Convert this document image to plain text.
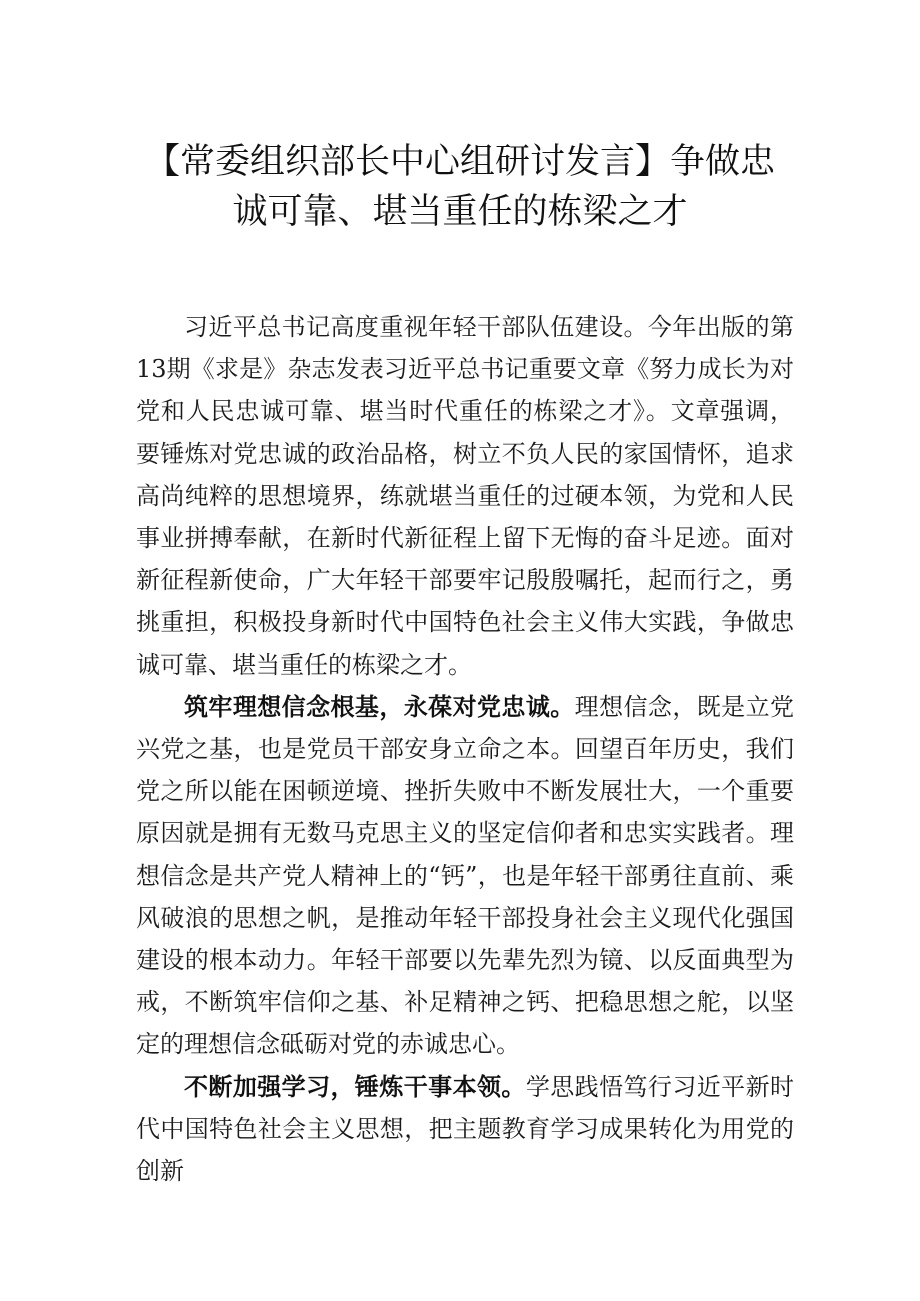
【常委组织部长中心组研讨发言】争做忠
诚可靠、堪当重任的栋梁之才

习近平总书记高度重视年轻干部队伍建设。今年出版的第13期《求是》杂志发表习近平总书记重要文章《努力成长为对党和人民忠诚可靠、堪当时代重任的栋梁之才》。文章强调，要锤炼对党忠诚的政治品格，树立不负人民的家国情怀，追求高尚纯粹的思想境界，练就堪当重任的过硬本领，为党和人民事业拼搏奉献，在新时代新征程上留下无悔的奋斗足迹。面对新征程新使命，广大年轻干部要牢记殷殷嘱托，起而行之，勇挑重担，积极投身新时代中国特色社会主义伟大实践，争做忠诚可靠、堪当重任的栋梁之才。

筑牢理想信念根基，永葆对党忠诚。理想信念，既是立党兴党之基，也是党员干部安身立命之本。回望百年历史，我们党之所以能在困顿逆境、挫折失败中不断发展壮大，一个重要原因就是拥有无数马克思主义的坚定信仰者和忠实实践者。理想信念是共产党人精神上的“钙”，也是年轻干部勇往直前、乘风破浪的思想之帆，是推动年轻干部投身社会主义现代化强国建设的根本动力。年轻干部要以先辈先烈为镜、以反面典型为戒，不断筑牢信仰之基、补足精神之钙、把稳思想之舵，以坚定的理想信念砥砺对党的赤诚忠心。

不断加强学习，锤炼干事本领。学思践悟笃行习近平新时代中国特色社会主义思想，把主题教育学习成果转化为用党的创新
